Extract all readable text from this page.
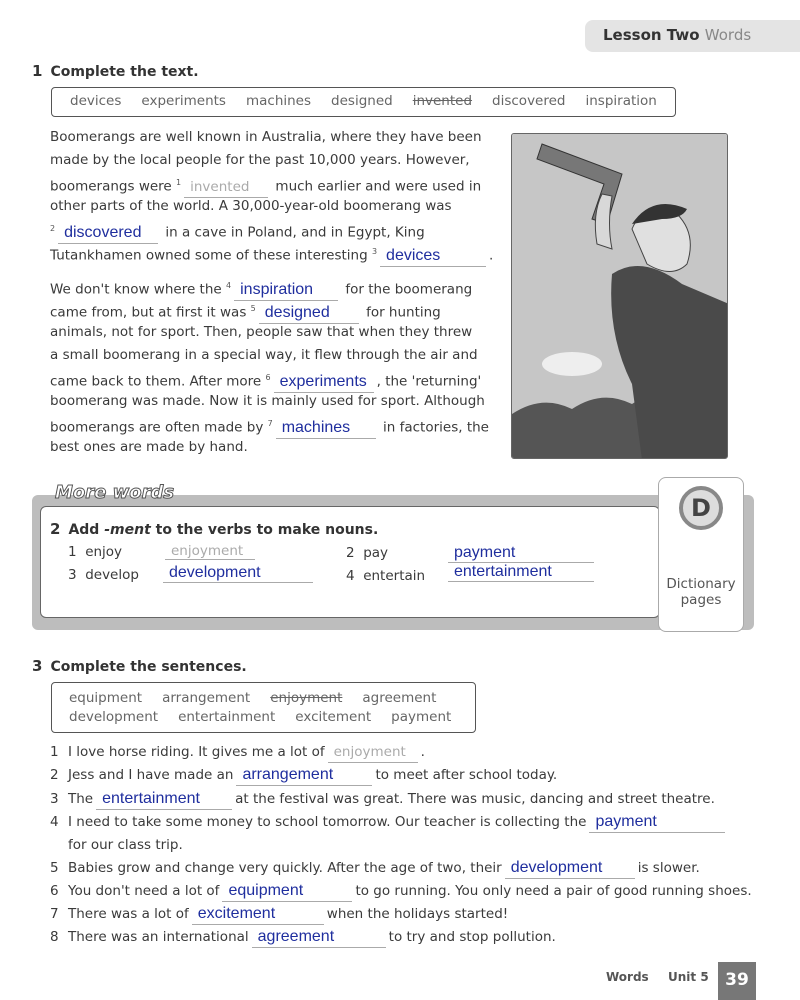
Lesson Two Words
1 Complete the text.
devices experiments machines designed invented discovered inspiration
Boomerangs are well known in Australia, where they have been
made by the local people for the past 10,000 years. However,
boomerangs were $^1$ invented much earlier and were used in
other parts of the world. A 30,000-year-old boomerang was
$^2$ discovered in a cave in Poland, and in Egypt, King
Tutankhamen owned some of these interesting $^3$ devices	.
We don't know where the $^4$ inspiration for the boomerang
came from, but at first it was $^5$ designed	for hunting
animals, not for sport. Then, people saw that when they threw
a small boomerang in a special way, it flew through the air and
came back to them. After more $^6$ experiments , the 'returning'
boomerang was made. Now it is mainly used for sport. Although
boomerangs are often made by $^7$ machines in factories, the
best ones are made by hand.
More words
2 Add -ment to the verbs to make nouns.
1 enjoy	enjoyment	2 pay	payment
3 develop	development	4 entertain	entertainment
D
Dictionary
pages
3 Complete the sentences.
equipment arrangement enjoyment agreement
development entertainment excitement payment
1 I love horse riding. It gives me a lot of enjoyment .
2 Jess and I have made an arrangement	to meet after school today.
3 The entertainment	at the festival was great. There was music, dancing and street theatre.
4 I need to take some money to school tomorrow. Our teacher is collecting the payment
for our class trip.
5 Babies grow and change very quickly. After the age of two, their development	is slower.
6 You don't need a lot of equipment	to go running. You only need a pair of good running shoes.
7 There was a lot of excitement	when the holidays started!
8 There was an international agreement	to try and stop pollution.
Words Unit 5 39
